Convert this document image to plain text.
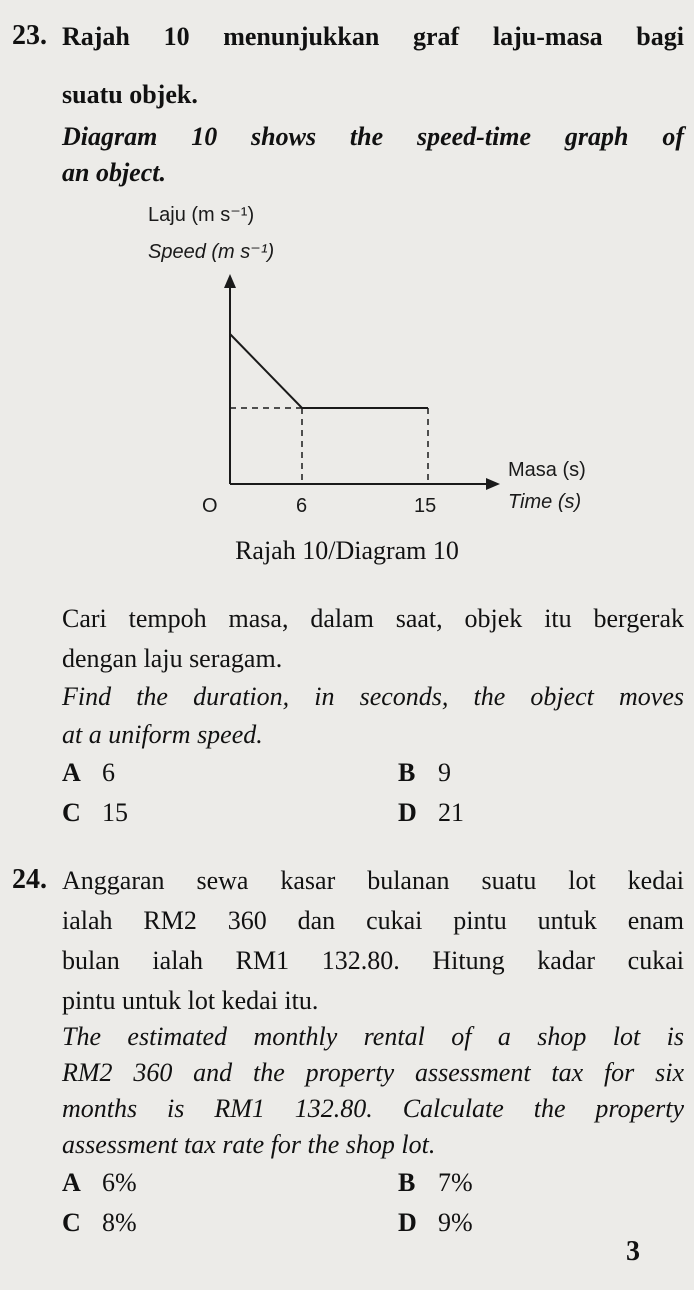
23. Rajah 10 menunjukkan graf laju-masa bagi
suatu objek.
Diagram 10 shows the speed-time graph of
an object.
Laju (m s⁻¹)
Speed (m s⁻¹)
O	6	15
Masa (s)
Time (s)
Rajah 10/Diagram 10
Cari tempoh masa, dalam saat, objek itu bergerak
dengan laju seragam.
Find the duration, in seconds, the object moves
at a uniform speed.
A 6	B 9
C 15	D 21
24. Anggaran sewa kasar bulanan suatu lot kedai
ialah RM2 360 dan cukai pintu untuk enam
bulan ialah RM1 132.80. Hitung kadar cukai
pintu untuk lot kedai itu.
The estimated monthly rental of a shop lot is
RM2 360 and the property assessment tax for six
months is RM1 132.80. Calculate the property
assessment tax rate for the shop lot.
A 6%	B 7%
C 8%	D 9%
3
